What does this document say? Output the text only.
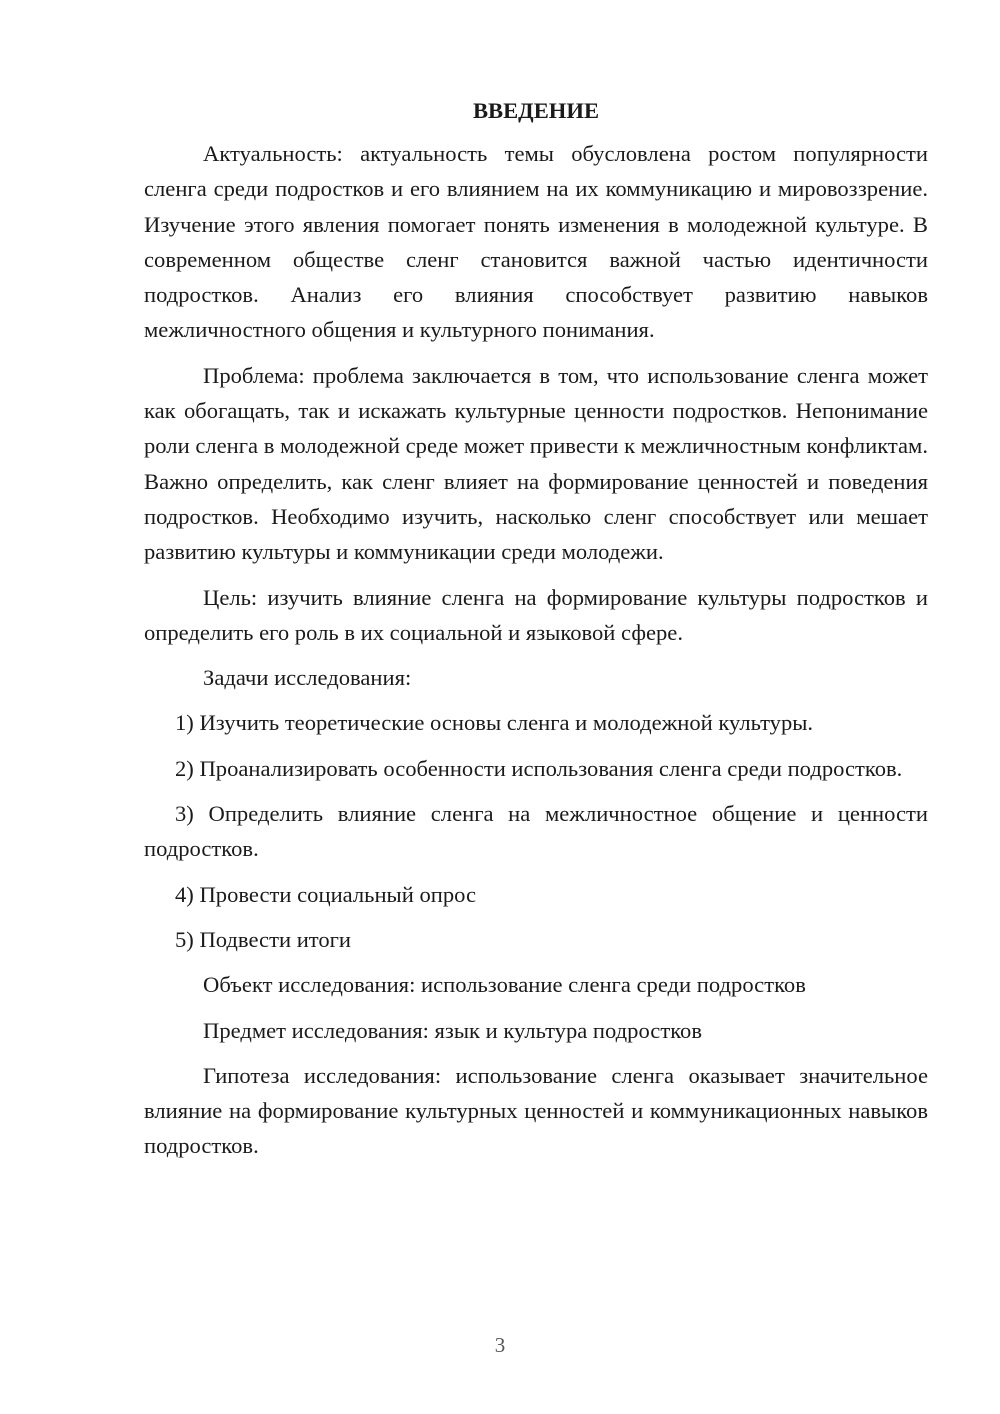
ВВЕДЕНИЕ

Актуальность: актуальность темы обусловлена ростом популярности сленга среди подростков и его влиянием на их коммуникацию и мировоззрение. Изучение этого явления помогает понять изменения в молодежной культуре. В современном обществе сленг становится важной частью идентичности подростков. Анализ его влияния способствует развитию навыков межличностного общения и культурного понимания.

Проблема: проблема заключается в том, что использование сленга может как обогащать, так и искажать культурные ценности подростков. Непонимание роли сленга в молодежной среде может привести к межличностным конфликтам. Важно определить, как сленг влияет на формирование ценностей и поведения подростков. Необходимо изучить, насколько сленг способствует или мешает развитию культуры и коммуникации среди молодежи.

Цель: изучить влияние сленга на формирование культуры подростков и определить его роль в их социальной и языковой сфере.

Задачи исследования:

1) Изучить теоретические основы сленга и молодежной культуры.

2) Проанализировать особенности использования сленга среди подростков.

3) Определить влияние сленга на межличностное общение и ценности подростков.

4) Провести социальный опрос

5) Подвести итоги

Объект исследования: использование сленга среди подростков

Предмет исследования: язык и культура подростков

Гипотеза исследования: использование сленга оказывает значительное влияние на формирование культурных ценностей и коммуникационных навыков подростков.

3
